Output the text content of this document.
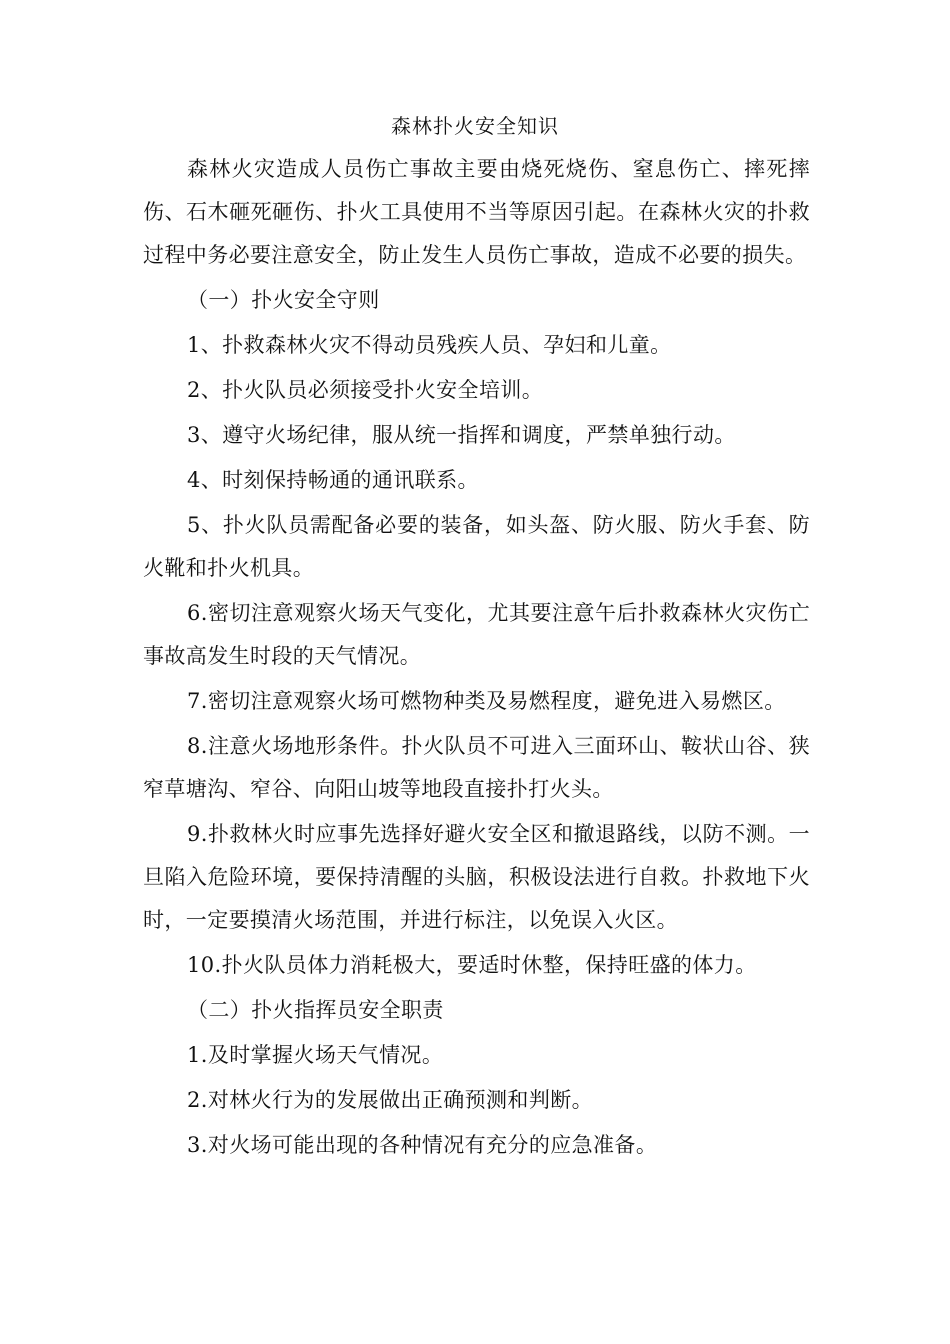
森林扑火安全知识

森林火灾造成人员伤亡事故主要由烧死烧伤、窒息伤亡、摔死摔伤、石木砸死砸伤、扑火工具使用不当等原因引起。在森林火灾的扑救过程中务必要注意安全，防止发生人员伤亡事故，造成不必要的损失。

（一）扑火安全守则

1、扑救森林火灾不得动员残疾人员、孕妇和儿童。

2、扑火队员必须接受扑火安全培训。

3、遵守火场纪律，服从统一指挥和调度，严禁单独行动。

4、时刻保持畅通的通讯联系。

5、扑火队员需配备必要的装备，如头盔、防火服、防火手套、防火靴和扑火机具。

6.密切注意观察火场天气变化，尤其要注意午后扑救森林火灾伤亡事故高发生时段的天气情况。

7.密切注意观察火场可燃物种类及易燃程度，避免进入易燃区。

8.注意火场地形条件。扑火队员不可进入三面环山、鞍状山谷、狭窄草塘沟、窄谷、向阳山坡等地段直接扑打火头。

9.扑救林火时应事先选择好避火安全区和撤退路线，以防不测。一旦陷入危险环境，要保持清醒的头脑，积极设法进行自救。扑救地下火时，一定要摸清火场范围，并进行标注，以免误入火区。

10.扑火队员体力消耗极大，要适时休整，保持旺盛的体力。

（二）扑火指挥员安全职责

1.及时掌握火场天气情况。

2.对林火行为的发展做出正确预测和判断。

3.对火场可能出现的各种情况有充分的应急准备。
